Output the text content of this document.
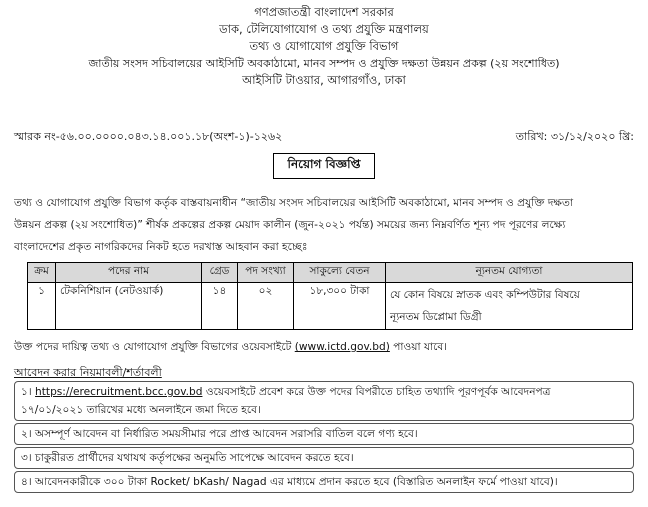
গণপ্রজাতন্ত্রী বাংলাদেশ সরকার
ডাক, টেলিযোগাযোগ ও তথ্য প্রযুক্তি মন্ত্রণালয়
তথ্য ও যোগাযোগ প্রযুক্তি বিভাগ
জাতীয় সংসদ সচিবালয়ের আইসিটি অবকাঠামো, মানব সম্পদ ও প্রযুক্তি দক্ষতা উন্নয়ন প্রকল্প (২য় সংশোধিত)
আইসিটি টাওয়ার, আগারগাঁও, ঢাকা
স্মারক নং-৫৬.০০.০০০০.০৪৩.১৪.০০১.১৮(অংশ-১)-১২৬২	তারিখ: ৩১/১২/২০২০ খ্রি:
নিয়োগ বিজ্ঞপ্তি
তথ্য ও যোগাযোগ প্রযুক্তি বিভাগ কর্তৃক বাস্তবায়নাধীন “জাতীয় সংসদ সচিবালয়ের আইসিটি অবকাঠামো, মানব সম্পদ ও প্রযুক্তি দক্ষতা
উন্নয়ন প্রকল্প (২য় সংশোধিত)” শীর্ষক প্রকল্পের প্রকল্প মেয়াদ কালীন (জুন-২০২১ পর্যন্ত) সময়ের জন্য নিম্নবর্ণিত শূন্য পদ পূরণের লক্ষ্যে
বাংলাদেশের প্রকৃত নাগরিকদের নিকট হতে দরখাস্ত আহবান করা হচ্ছেঃ
ক্রম	পদের নাম	গ্রেড	পদ সংখ্যা	সাকুল্যে বেতন	ন্যূনতম যোগ্যতা
১	টেকনিশিয়ান (নেটওয়ার্ক)	১৪	০২	১৮,৩০০ টাকা	যে কোন বিষয়ে স্নাতক এবং কম্পিউটার বিষয়ে
ন্যূনতম ডিপ্লোমা ডিগ্রী
উক্ত পদের দায়িত্ব তথ্য ও যোগাযোগ প্রযুক্তি বিভাগের ওয়েবসাইটে (www.ictd.gov.bd) পাওয়া যাবে।
আবেদন করার নিয়মাবলী/শর্তাবলী
১। https://erecruitment.bcc.gov.bd ওয়েবসাইটে প্রবেশ করে উক্ত পদের বিপরীতে চাহিত তথ্যাদি পূরণপূর্বক আবেদনপত্র
১৭/০১/২০২১ তারিখের মধ্যে অনলাইনে জমা দিতে হবে।
২। অসম্পূর্ণ আবেদন বা নির্ধারিত সময়সীমার পরে প্রাপ্ত আবেদন সরাসরি বাতিল বলে গণ্য হবে।
৩। চাকুরীরত প্রার্থীদের যথাযথ কর্তৃপক্ষের অনুমতি সাপেক্ষে আবেদন করতে হবে।
৪। আবেদনকারীকে ৩০০ টাকা Rocket/ bKash/ Nagad এর মাধ্যমে প্রদান করতে হবে (বিস্তারিত অনলাইন ফর্মে পাওয়া যাবে)।
